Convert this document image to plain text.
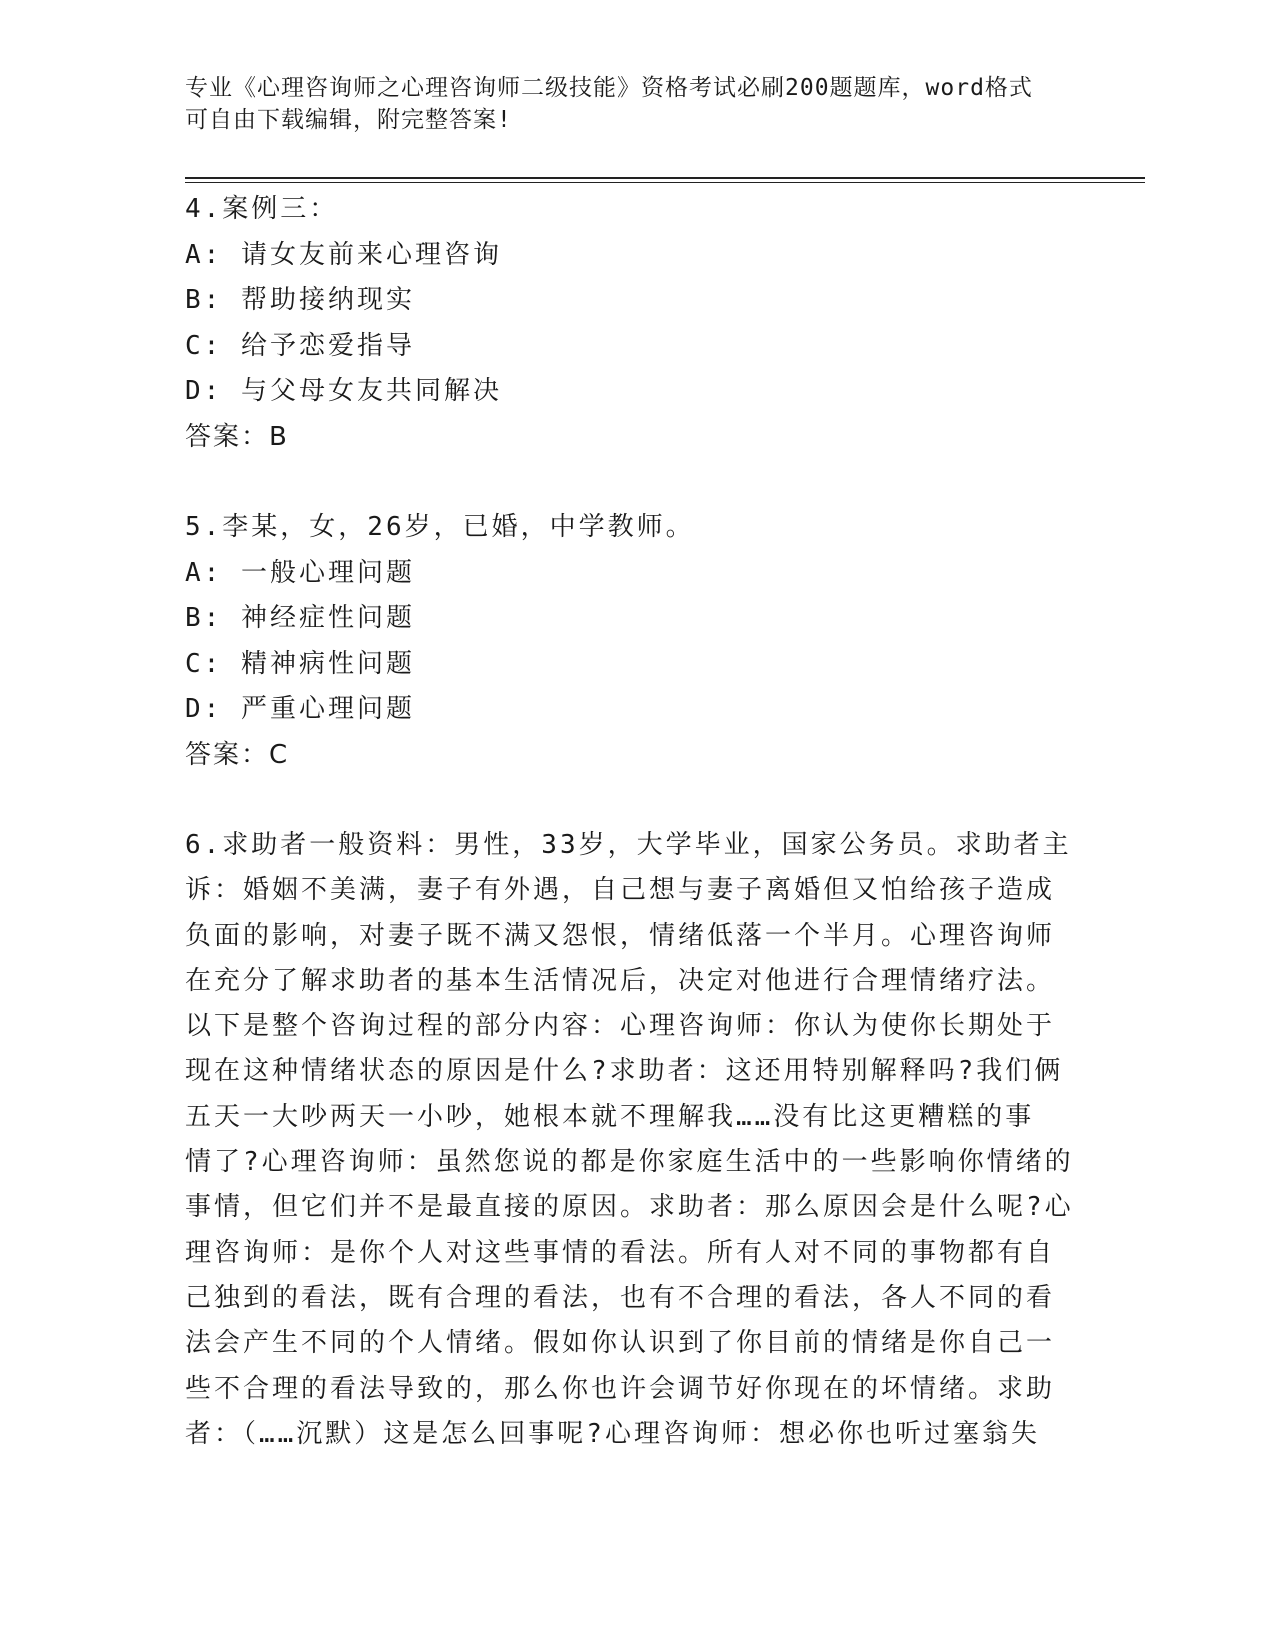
专业《心理咨询师之心理咨询师二级技能》资格考试必刷200题题库，word格式
可自由下载编辑，附完整答案!
4.案例三：
A: 请女友前来心理咨询
B: 帮助接纳现实
C: 给予恋爱指导
D: 与父母女友共同解决
答案：B
5.李某，女，26岁，已婚，中学教师。
A: 一般心理问题
B: 神经症性问题
C: 精神病性问题
D: 严重心理问题
答案：C
6.求助者一般资料：男性，33岁，大学毕业，国家公务员。求助者主
诉：婚姻不美满，妻子有外遇，自己想与妻子离婚但又怕给孩子造成
负面的影响，对妻子既不满又怨恨，情绪低落一个半月。心理咨询师
在充分了解求助者的基本生活情况后，决定对他进行合理情绪疗法。
以下是整个咨询过程的部分内容：心理咨询师：你认为使你长期处于
现在这种情绪状态的原因是什么?求助者：这还用特别解释吗?我们俩
五天一大吵两天一小吵，她根本就不理解我……没有比这更糟糕的事
情了?心理咨询师：虽然您说的都是你家庭生活中的一些影响你情绪的
事情，但它们并不是最直接的原因。求助者：那么原因会是什么呢?心
理咨询师：是你个人对这些事情的看法。所有人对不同的事物都有自
己独到的看法，既有合理的看法，也有不合理的看法，各人不同的看
法会产生不同的个人情绪。假如你认识到了你目前的情绪是你自己一
些不合理的看法导致的，那么你也许会调节好你现在的坏情绪。求助
者：（……沉默）这是怎么回事呢?心理咨询师：想必你也听过塞翁失
